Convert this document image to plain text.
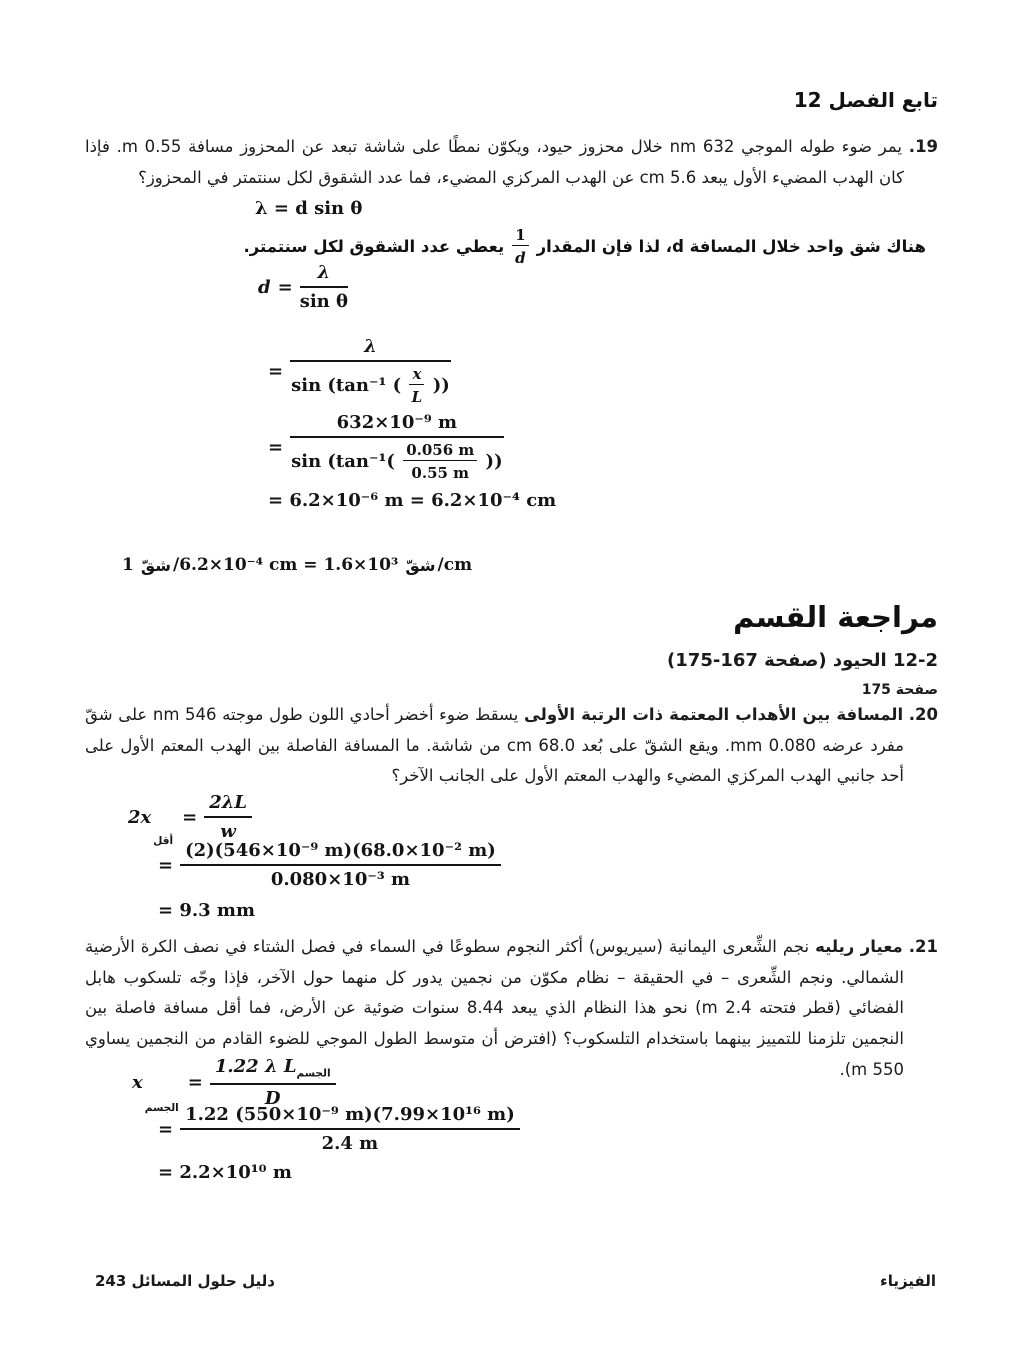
تابع الفصل 12
19. يمر ضوء طوله الموجي 632 nm خلال محزوز حيود، ويكوّن نمطًا على شاشة تبعد عن المحزوز مسافة 0.55 m. فإذا كان الهدب المضيء الأول يبعد 5.6 cm عن الهدب المركزي المضيء، فما عدد الشقوق لكل سنتمتر في المحزوز؟
λ = d sin θ
هناك شق واحد خلال المسافة d، لذا فإن المقدار
$\frac{1}{d}$
يعطي عدد الشقوق لكل سنتمتر.
$d = \frac{\lambda}{\text{sin θ}}$
=
λ
sin (tan⁻¹ ( $\frac{x}{L}$ ))
=
632×10⁻⁹ m
$\sin (\tan^{-1}( \frac{0.056 m}{0.55 m}$ ))
= 6.2×10⁻⁶ m = 6.2×10⁻⁴ cm
1 شقّ /6.2×10⁻⁴ cm = 1.6×10³ شقّ /cm
مراجعة القسم
12-2 الحيود (صفحة 167-175)
صفحة 175
20. المسافة بين الأهداب المعتمة ذات الرتبة الأولى يسقط ضوء أخضر أحادي اللون طول موجته 546 nm على شقّ مفرد عرضه 0.080 mm. ويقع الشقّ على بُعد 68.0 cm من شاشة. ما المسافة الفاصلة بين الهدب المعتم الأول على أحد جانبي الهدب المركزي المضيء والهدب المعتم الأول على الجانب الآخر؟
2x
أقل
= $\frac{2\lambda L}{w}$
= $\frac{\text{(2)(546×10⁻⁹ m)(68.0×10⁻² m)}}{\text{0.080×10⁻³ m}}$
= 9.3 mm
21. معيار ريليه نجم الشِّعرى اليمانية (سيريوس) أكثر النجوم سطوعًا في السماء في فصل الشتاء في نصف الكرة الأرضية الشمالي. ونجم الشِّعرى – في الحقيقة – نظام مكوّن من نجمين يدور كل منهما حول الآخر، فإذا وجّه تلسكوب هابل الفضائي (قطر فتحته 2.4 m) نحو هذا النظام الذي يبعد 8.44 سنوات ضوئية عن الأرض، فما أقل مسافة فاصلة بين النجمين تلزمنا للتمييز بينهما باستخدام التلسكوب؟ (افترض أن متوسط الطول الموجي للضوء القادم من النجمين يساوي 550 m).
x
الجسم
= $\frac{1.22 \lambda L_{الجسم}}{D}$
= $\frac{\text{1.22 (550×10⁻⁹ m)(7.99×10¹⁶ m)}}{2.4 m}$
= 2.2×10¹⁰ m
دليل حلول المسائل 243	الفيزياء
